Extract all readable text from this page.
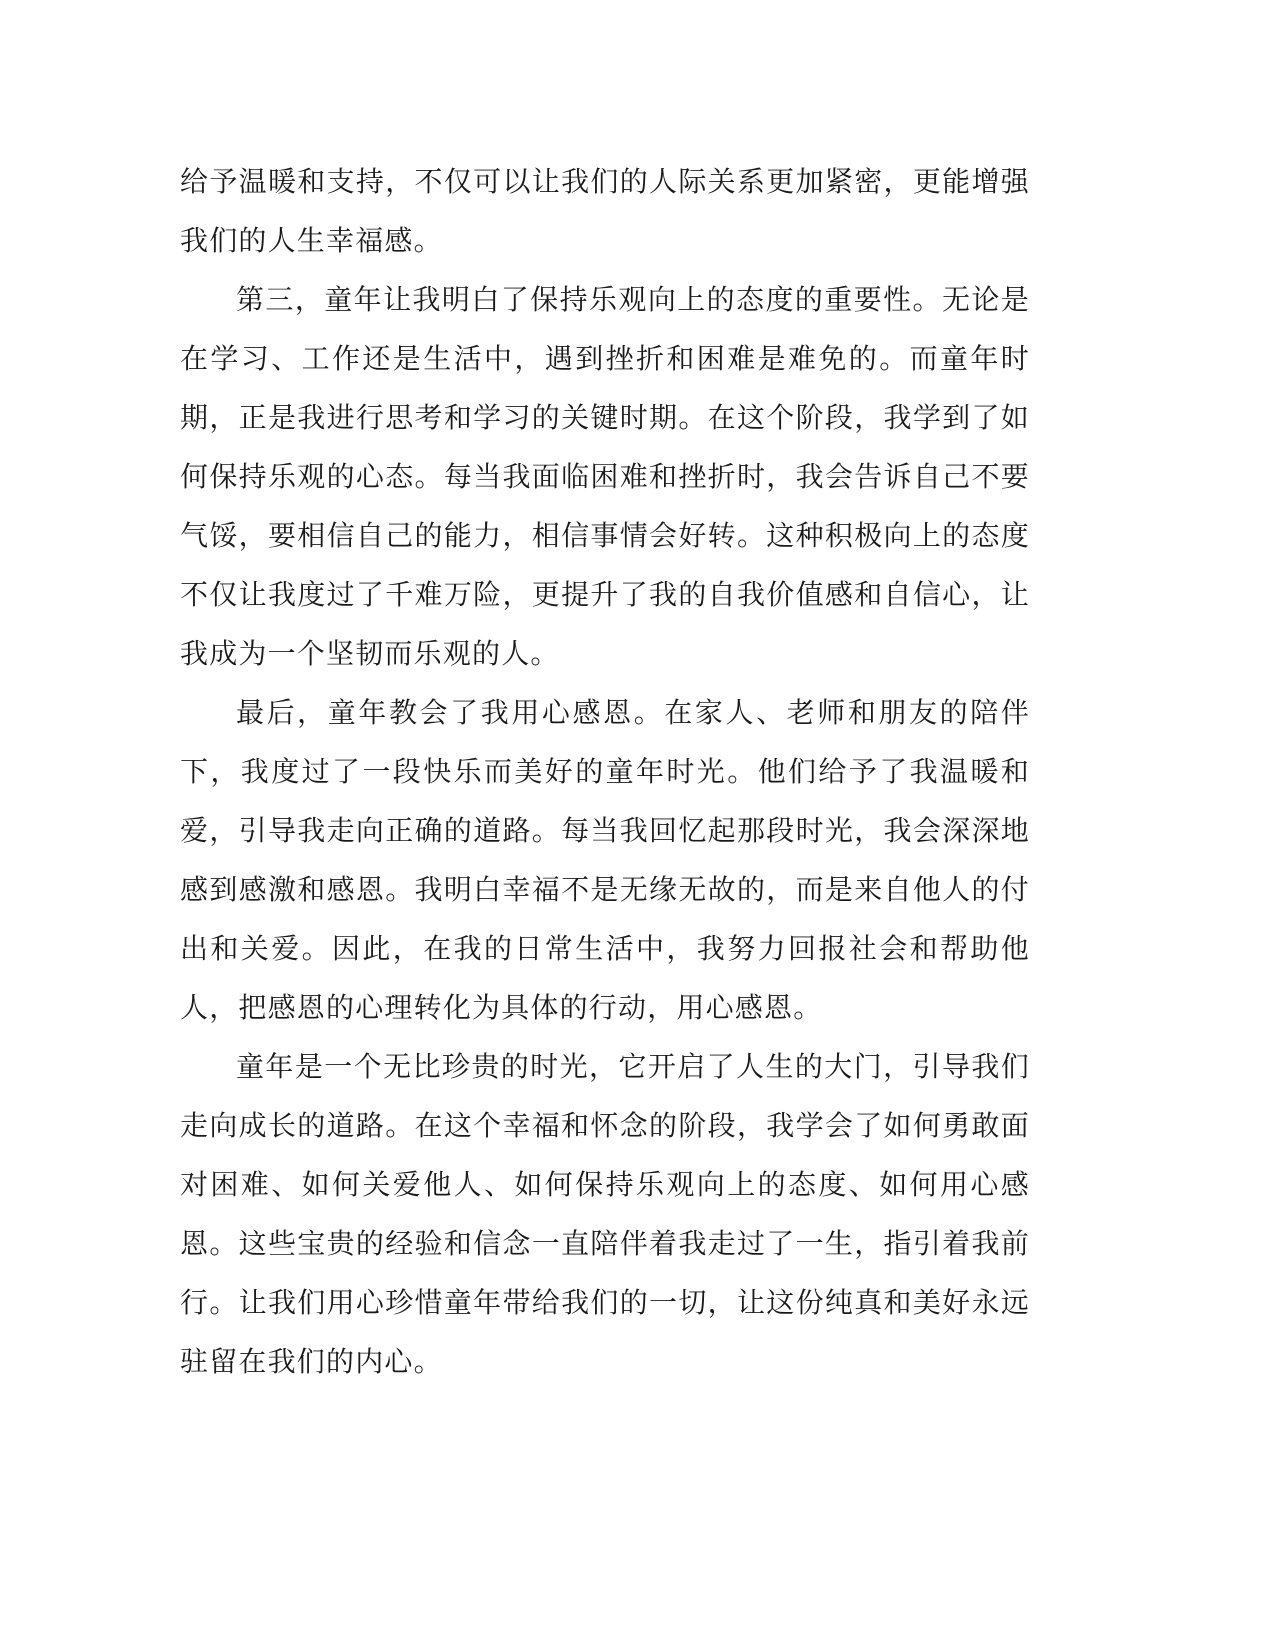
给予温暖和支持，不仅可以让我们的人际关系更加紧密，更能增强我们的人生幸福感。

第三，童年让我明白了保持乐观向上的态度的重要性。无论是在学习、工作还是生活中，遇到挫折和困难是难免的。而童年时期，正是我进行思考和学习的关键时期。在这个阶段，我学到了如何保持乐观的心态。每当我面临困难和挫折时，我会告诉自己不要气馁，要相信自己的能力，相信事情会好转。这种积极向上的态度不仅让我度过了千难万险，更提升了我的自我价值感和自信心，让我成为一个坚韧而乐观的人。

最后，童年教会了我用心感恩。在家人、老师和朋友的陪伴下，我度过了一段快乐而美好的童年时光。他们给予了我温暖和爱，引导我走向正确的道路。每当我回忆起那段时光，我会深深地感到感激和感恩。我明白幸福不是无缘无故的，而是来自他人的付出和关爱。因此，在我的日常生活中，我努力回报社会和帮助他人，把感恩的心理转化为具体的行动，用心感恩。

童年是一个无比珍贵的时光，它开启了人生的大门，引导我们走向成长的道路。在这个幸福和怀念的阶段，我学会了如何勇敢面对困难、如何关爱他人、如何保持乐观向上的态度、如何用心感恩。这些宝贵的经验和信念一直陪伴着我走过了一生，指引着我前行。让我们用心珍惜童年带给我们的一切，让这份纯真和美好永远驻留在我们的内心。
